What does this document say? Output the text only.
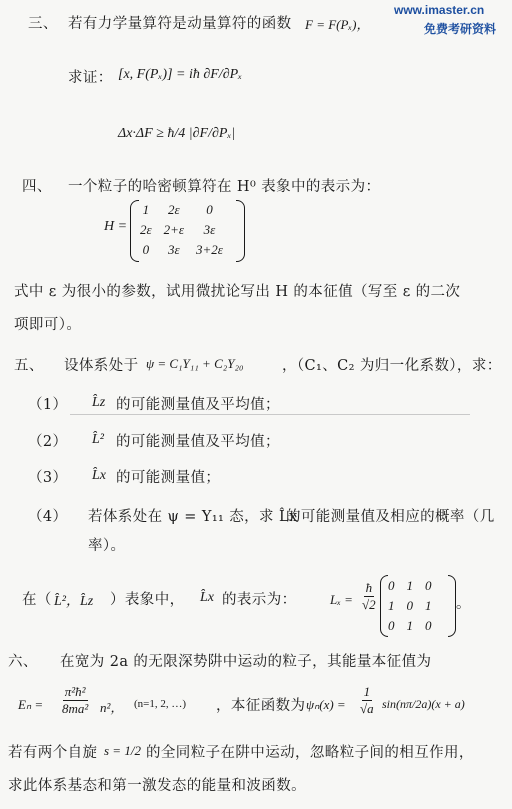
www.imaster.cn
免费考研资料
三、 若有力学量算符是动量算符的函数 F = F(Pₓ)，
求证： [x, F(Pₓ)] = iħ ∂F/∂Pₓ
Δx·ΔF ≥ ħ/4 |∂F/∂Pₓ|
四、 一个粒子的哈密顿算符在 H⁰ 表象中的表示为：
H =
1	2ε	0
2ε	2+ε	3ε
0	3ε	3+2ε
式中 ε 为很小的参数，试用微扰论写出 H 的本征值（写至 ε 的二次
项即可）。
五、 设体系处于 ψ = C₁Y₁₁ + C₂Y₂₀	，（C₁、C₂ 为归一化系数），求：
（1） L̂z 的可能测量值及平均值；
（2） L̂² 的可能测量值及平均值；
（3） L̂x 的可能测量值；
（4） 若体系处在 ψ = Y₁₁ 态，求 L̂x
的可能测量值及相应的概率（几
率）。
在（ L̂²，L̂z ）表象中， L̂x 的表示为：	$L_x = \frac{ħ}{√2} 0$	1	0
1	0	1
0	1	0
。
六、 在宽为 2a 的无限深势阱中运动的粒子，其能量本征值为
$E_n = \frac{\text{π²ħ²}}{\text{8ma²}} n^2$， (n=1, 2, …) ，本征函数为 $\psi_n(x) = \frac{1}{√a} \sin(n\pi/2a)(x + a)$
若有两个自旋 s = 1/2 的全同粒子在阱中运动，忽略粒子间的相互作用，
求此体系基态和第一激发态的能量和波函数。
